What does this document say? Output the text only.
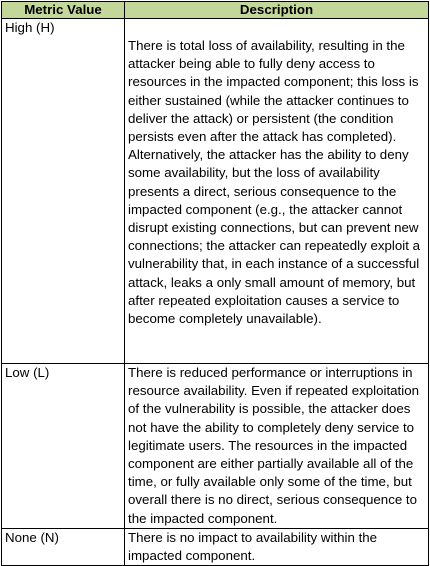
Metric Value	Description
High (H)	There is total loss of availability, resulting in the attacker being able to fully deny access to resources in the impacted component; this loss is either sustained (while the attacker continues to deliver the attack) or persistent (the condition persists even after the attack has completed). Alternatively, the attacker has the ability to deny some availability, but the loss of availability presents a direct, serious consequence to the impacted component (e.g., the attacker cannot disrupt existing connections, but can prevent new connections; the attacker can repeatedly exploit a vulnerability that, in each instance of a successful attack, leaks a only small amount of memory, but after repeated exploitation causes a service to become completely unavailable).
Low (L)	There is reduced performance or interruptions in resource availability. Even if repeated exploitation of the vulnerability is possible, the attacker does not have the ability to completely deny service to legitimate users. The resources in the impacted component are either partially available all of the time, or fully available only some of the time, but overall there is no direct, serious consequence to the impacted component.
None (N)	There is no impact to availability within the impacted component.
